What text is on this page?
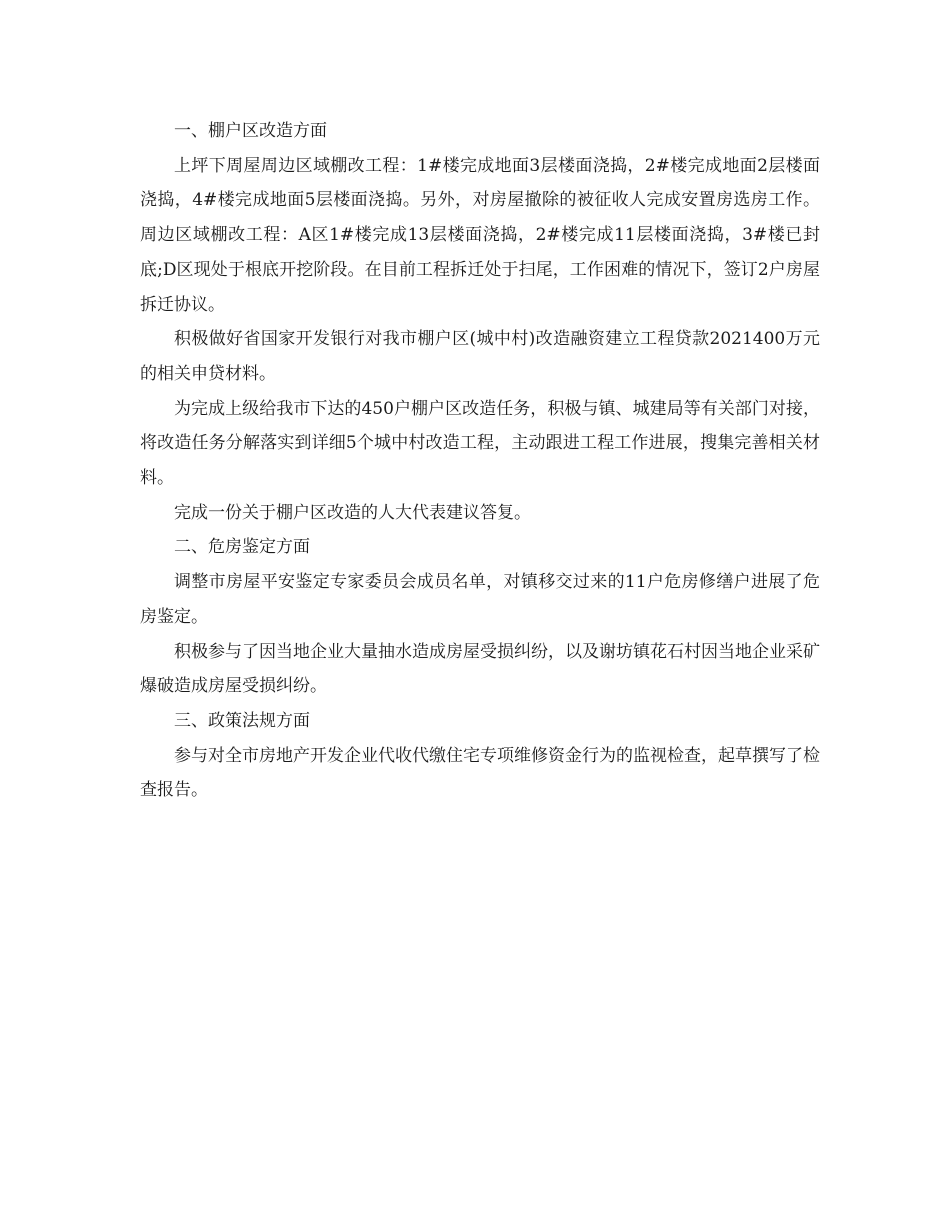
一、棚户区改造方面

上坪下周屋周边区域棚改工程：1#楼完成地面3层楼面浇捣，2#楼完成地面2层楼面浇捣，4#楼完成地面5层楼面浇捣。另外，对房屋撤除的被征收人完成安置房选房工作。周边区域棚改工程：A区1#楼完成13层楼面浇捣，2#楼完成11层楼面浇捣，3#楼已封底;D区现处于根底开挖阶段。在目前工程拆迁处于扫尾，工作困难的情况下，签订2户房屋拆迁协议。

积极做好省国家开发银行对我市棚户区(城中村)改造融资建立工程贷款2021400万元的相关申贷材料。

为完成上级给我市下达的450户棚户区改造任务，积极与镇、城建局等有关部门对接，将改造任务分解落实到详细5个城中村改造工程，主动跟进工程工作进展，搜集完善相关材料。

完成一份关于棚户区改造的人大代表建议答复。

二、危房鉴定方面

调整市房屋平安鉴定专家委员会成员名单，对镇移交过来的11户危房修缮户进展了危房鉴定。

积极参与了因当地企业大量抽水造成房屋受损纠纷，以及谢坊镇花石村因当地企业采矿爆破造成房屋受损纠纷。

三、政策法规方面

参与对全市房地产开发企业代收代缴住宅专项维修资金行为的监视检查，起草撰写了检查报告。
